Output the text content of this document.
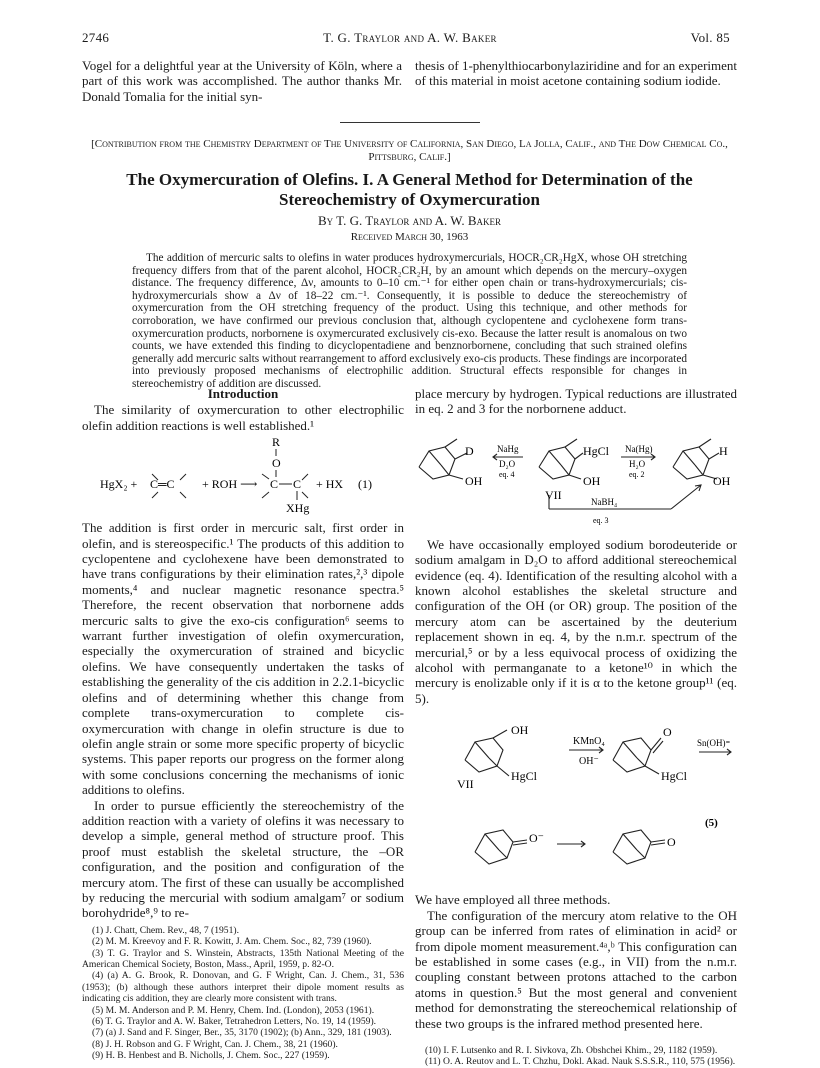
2746	T. G. Traylor and A. W. Baker	Vol. 85

Vogel for a delightful year at the University of Köln, where a part of this work was accomplished. The author thanks Mr. Donald Tomalia for the initial syn-

thesis of 1-phenylthiocarbonylaziridine and for an experiment of this material in moist acetone containing sodium iodide.

[Contribution from the Chemistry Department of The University of California, San Diego, La Jolla, Calif., and The Dow Chemical Co., Pittsburg, Calif.]
The Oxymercuration of Olefins. I. A General Method for Determination of the Stereochemistry of Oxymercuration
By T. G. Traylor and A. W. Baker
Received March 30, 1963

The addition of mercuric salts to olefins in water produces hydroxymercurials, HOCR₂CR₂HgX, whose OH stretching frequency differs from that of the parent alcohol, HOCR₂CR₂H, by an amount which depends on the mercury–oxygen distance. The frequency difference, Δν, amounts to 0–10 cm.⁻¹ for either open chain or trans-hydroxymercurials; cis-hydroxymercurials show a Δν of 18–22 cm.⁻¹. Consequently, it is possible to deduce the stereochemistry of oxymercuration from the OH stretching frequency of the product. Using this technique, and other methods for corroboration, we have confirmed our previous conclusion that, although cyclopentene and cyclohexene form trans-oxymercuration products, norbornene is oxymercurated exclusively cis-exo. Because the latter result is anomalous on two counts, we have extended this finding to dicyclopentadiene and benznorbornene, concluding that such strained olefins generally add mercuric salts without rearrangement to afford exclusively exo-cis products. These findings are incorporated into previously proposed mechanisms of electrophilic addition. Structural effects responsible for changes in stereochemistry of addition are discussed.

Introduction

The similarity of oxymercuration to other electrophilic olefin addition reactions is well established.¹

HgX₂ + C═C + ROH ⟶
R
O
C C
XHg
+ HX (1)

The addition is first order in mercuric salt, first order in olefin, and is stereospecific.¹ The products of this addition to cyclopentene and cyclohexene have been demonstrated to have trans configurations by their elimination rates,²,³ dipole moments,⁴ and nuclear magnetic resonance spectra.⁵ Therefore, the recent observation that norbornene adds mercuric salts to give the exo-cis configuration⁶ seems to warrant further investigation of olefin oxymercuration, especially the oxymercuration of strained and bicyclic olefins. We have consequently undertaken the tasks of establishing the generality of the cis addition in 2.2.1-bicyclic olefins and of determining whether this change from complete trans-oxymercuration to complete cis-oxymercuration with change in olefin structure is due to olefin angle strain or some more specific property of bicyclic systems. This paper reports our progress on the former along with some conclusions concerning the mechanisms of ionic additions to olefins.

In order to pursue efficiently the stereochemistry of the addition reaction with a variety of olefins it was necessary to develop a simple, general method of structure proof. This proof must establish the skeletal structure, the –OR configuration, and the position and configuration of the mercury atom. The first of these can usually be accomplished by reducing the mercurial with sodium amalgam⁷ or sodium borohydride⁸,⁹ to re-

(1) J. Chatt, Chem. Rev., 48, 7 (1951).
(2) M. M. Kreevoy and F. R. Kowitt, J. Am. Chem. Soc., 82, 739 (1960).
(3) T. G. Traylor and S. Winstein, Abstracts, 135th National Meeting of the American Chemical Society, Boston, Mass., April, 1959, p. 82-O.
(4) (a) A. G. Brook, R. Donovan, and G. F Wright, Can. J. Chem., 31, 536 (1953); (b) although these authors interpret their dipole moment results as indicating cis addition, they are clearly more consistent with trans.
(5) M. M. Anderson and P. M. Henry, Chem. Ind. (London), 2053 (1961).
(6) T. G. Traylor and A. W. Baker, Tetrahedron Letters, No. 19, 14 (1959).
(7) (a) J. Sand and F. Singer, Ber., 35, 3170 (1902); (b) Ann., 329, 181 (1903).
(8) J. H. Robson and G. F Wright, Can. J. Chem., 38, 21 (1960).
(9) H. B. Henbest and B. Nicholls, J. Chem. Soc., 227 (1959).

place mercury by hydrogen. Typical reductions are illustrated in eq. 2 and 3 for the norbornene adduct.

D
OH
NaHg
D₂O
eq. 4
HgCl
OH
VII
Na(Hg)
H₂O
eq. 2
H
OH
NaBH₄
eq. 3

We have occasionally employed sodium borodeuteride or sodium amalgam in D₂O to afford additional stereochemical evidence (eq. 4). Identification of the resulting alcohol with a known alcohol establishes the skeletal structure and configuration of the OH (or OR) group. The position of the mercury atom can be ascertained by the deuterium replacement shown in eq. 4, by the n.m.r. spectrum of the mercurial,⁵ or by a less equivocal process of oxidizing the alcohol with permanganate to a ketone¹⁰ in which the mercury is enolizable only if it is α to the ketone group¹¹ (eq. 5).

OH
HgCl
VII
KMnO₄
OH⁻
O
HgCl
Sn(OH)⁼
O⁻	O
(5)

We have employed all three methods.

The configuration of the mercury atom relative to the OH group can be inferred from rates of elimination in acid² or from dipole moment measurement.⁴ᵃ,ᵇ This configuration can be established in some cases (e.g., in VII) from the n.m.r. coupling constant between protons attached to the carbon atoms in question.⁵ But the most general and convenient method for demonstrating the stereochemical relationship of these two groups is the infrared method presented here.

(10) I. F. Lutsenko and R. I. Sivkova, Zh. Obshchei Khim., 29, 1182 (1959).
(11) O. A. Reutov and L. T. Chzhu, Dokl. Akad. Nauk S.S.S.R., 110, 575 (1956).
